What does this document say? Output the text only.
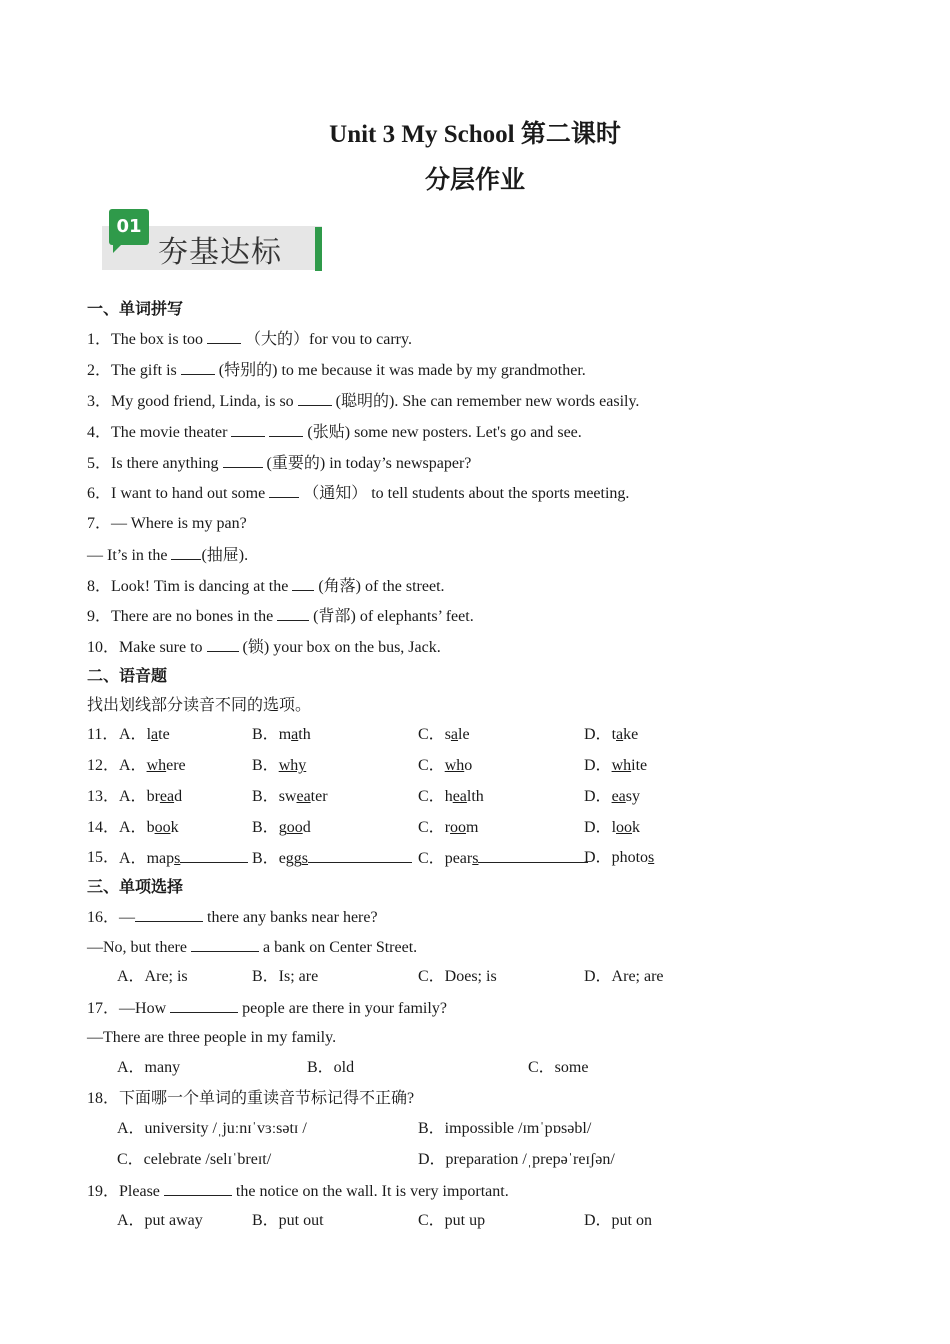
Unit 3 My School 第二课时
分层作业
01
夯基达标
一、单词拼写
1．The box is too	（大的）for vou to carry.
2．The gift is	(特别的) to me because it was made by my grandmother.
3．My good friend, Linda, is so	(聪明的). She can remember new words easily.
4．The movie theater	(张贴) some new posters. Let's go and see.
5．Is there anything	(重要的) in today’s newspaper?
6．I want to hand out some （通知） to tell students about the sports meeting.
7．— Where is my pan?
— It’s in the (抽屉).
8．Look! Tim is dancing at the (角落) of the street.
9．There are no bones in the	(背部) of elephants’ feet.
10．Make sure to	(锁) your box on the bus, Jack.
二、语音题
找出划线部分读音不同的选项。
11． A．late	B．math	C．sale	D．take
12． A．where	B．why	C．who	D．white
13． A．bread	B．sweater	C．health	D．easy
14． A．book	B．good	C．room	D．look
15． A．maps	B．eggs	C．pears	D．photos
三、单项选择
16．—	there any banks near here?
—No, but there	a bank on Center Street.
A．Are; is	B．Is; are	C．Does; is	D．Are; are
17．—How	people are there in your family?
—There are three people in my family.
A．many	B．old	C．some
18．下面哪一个单词的重读音节标记得不正确?
A．university /ˌjuːnɪˈvɜːsətɪ /	B．impossible /ɪmˈpɒsəbl/
C．celebrate /selɪˈbreɪt/	D．preparation /ˌprepəˈreɪʃən/
19．Please	the notice on the wall. It is very important.
A．put away	B．put out	C．put up	D．put on
